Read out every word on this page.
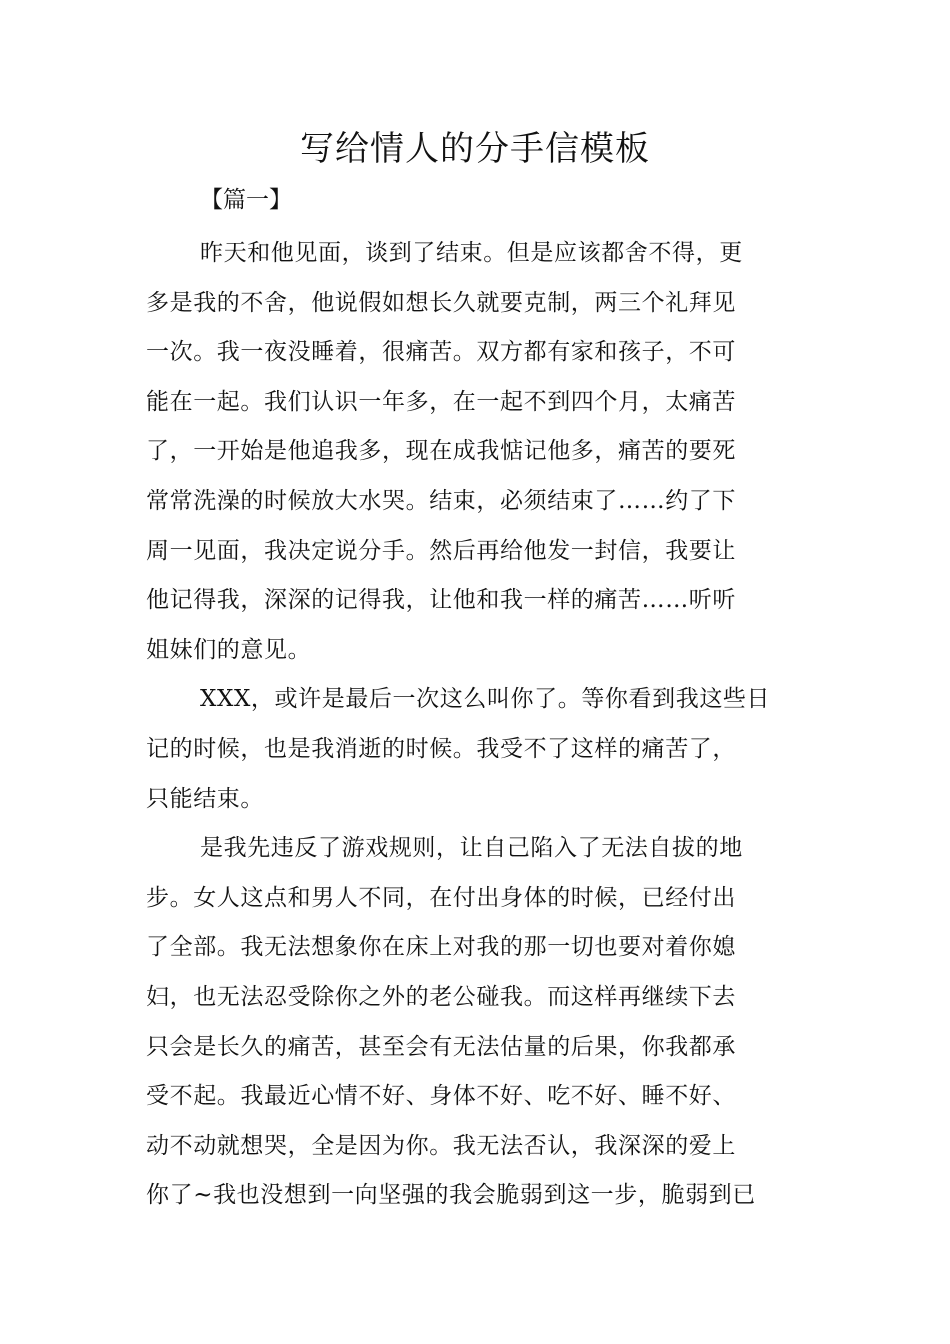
写给情人的分手信模板
【篇一】

昨天和他见面，谈到了结束。但是应该都舍不得，更
多是我的不舍，他说假如想长久就要克制，两三个礼拜见
一次。我一夜没睡着，很痛苦。双方都有家和孩子，不可
能在一起。我们认识一年多，在一起不到四个月，太痛苦
了，一开始是他追我多，现在成我惦记他多，痛苦的要死
常常洗澡的时候放大水哭。结束，必须结束了……约了下
周一见面，我决定说分手。然后再给他发一封信，我要让
他记得我，深深的记得我，让他和我一样的痛苦……听听
姐妹们的意见。

XXX，或许是最后一次这么叫你了。等你看到我这些日
记的时候，也是我消逝的时候。我受不了这样的痛苦了，
只能结束。

是我先违反了游戏规则，让自己陷入了无法自拔的地
步。女人这点和男人不同，在付出身体的时候，已经付出
了全部。我无法想象你在床上对我的那一切也要对着你媳
妇，也无法忍受除你之外的老公碰我。而这样再继续下去
只会是长久的痛苦，甚至会有无法估量的后果，你我都承
受不起。我最近心情不好、身体不好、吃不好、睡不好、
动不动就想哭，全是因为你。我无法否认，我深深的爱上
你了~我也没想到一向坚强的我会脆弱到这一步，脆弱到已
